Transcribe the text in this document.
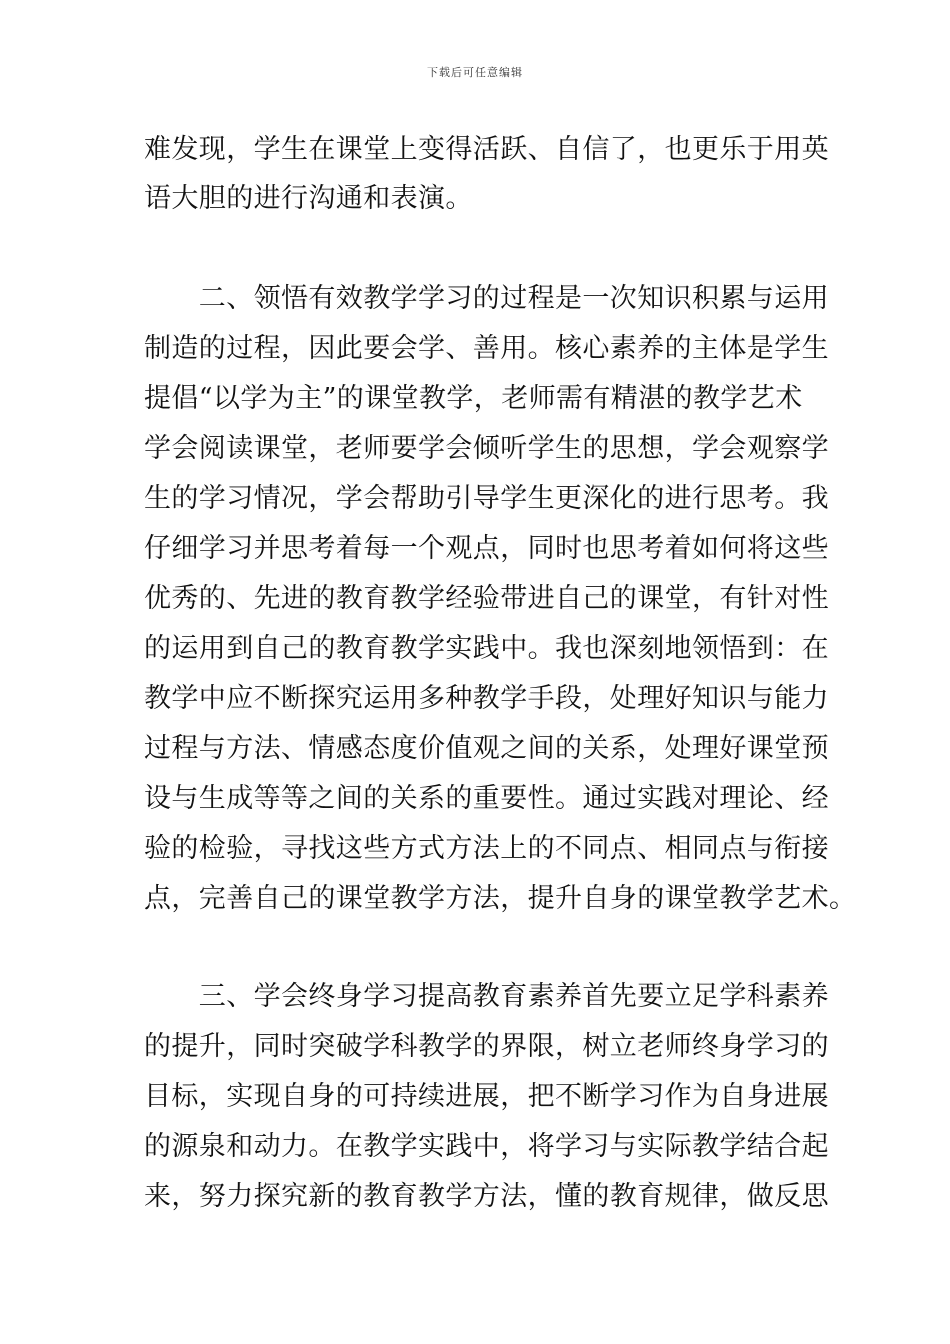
下载后可任意编辑
难发现，学生在课堂上变得活跃、自信了，也更乐于用英
语大胆的进行沟通和表演。
　　二、领悟有效教学学习的过程是一次知识积累与运用
制造的过程，因此要会学、善用。核心素养的主体是学生
提倡“以学为主”的课堂教学，老师需有精湛的教学艺术
学会阅读课堂，老师要学会倾听学生的思想，学会观察学
生的学习情况，学会帮助引导学生更深化的进行思考。我
仔细学习并思考着每一个观点，同时也思考着如何将这些
优秀的、先进的教育教学经验带进自己的课堂，有针对性
的运用到自己的教育教学实践中。我也深刻地领悟到：在
教学中应不断探究运用多种教学手段，处理好知识与能力
过程与方法、情感态度价值观之间的关系，处理好课堂预
设与生成等等之间的关系的重要性。通过实践对理论、经
验的检验，寻找这些方式方法上的不同点、相同点与衔接
点，完善自己的课堂教学方法，提升自身的课堂教学艺术。
　　三、学会终身学习提高教育素养首先要立足学科素养
的提升，同时突破学科教学的界限，树立老师终身学习的
目标，实现自身的可持续进展，把不断学习作为自身进展
的源泉和动力。在教学实践中，将学习与实际教学结合起
来，努力探究新的教育教学方法，懂的教育规律，做反思
